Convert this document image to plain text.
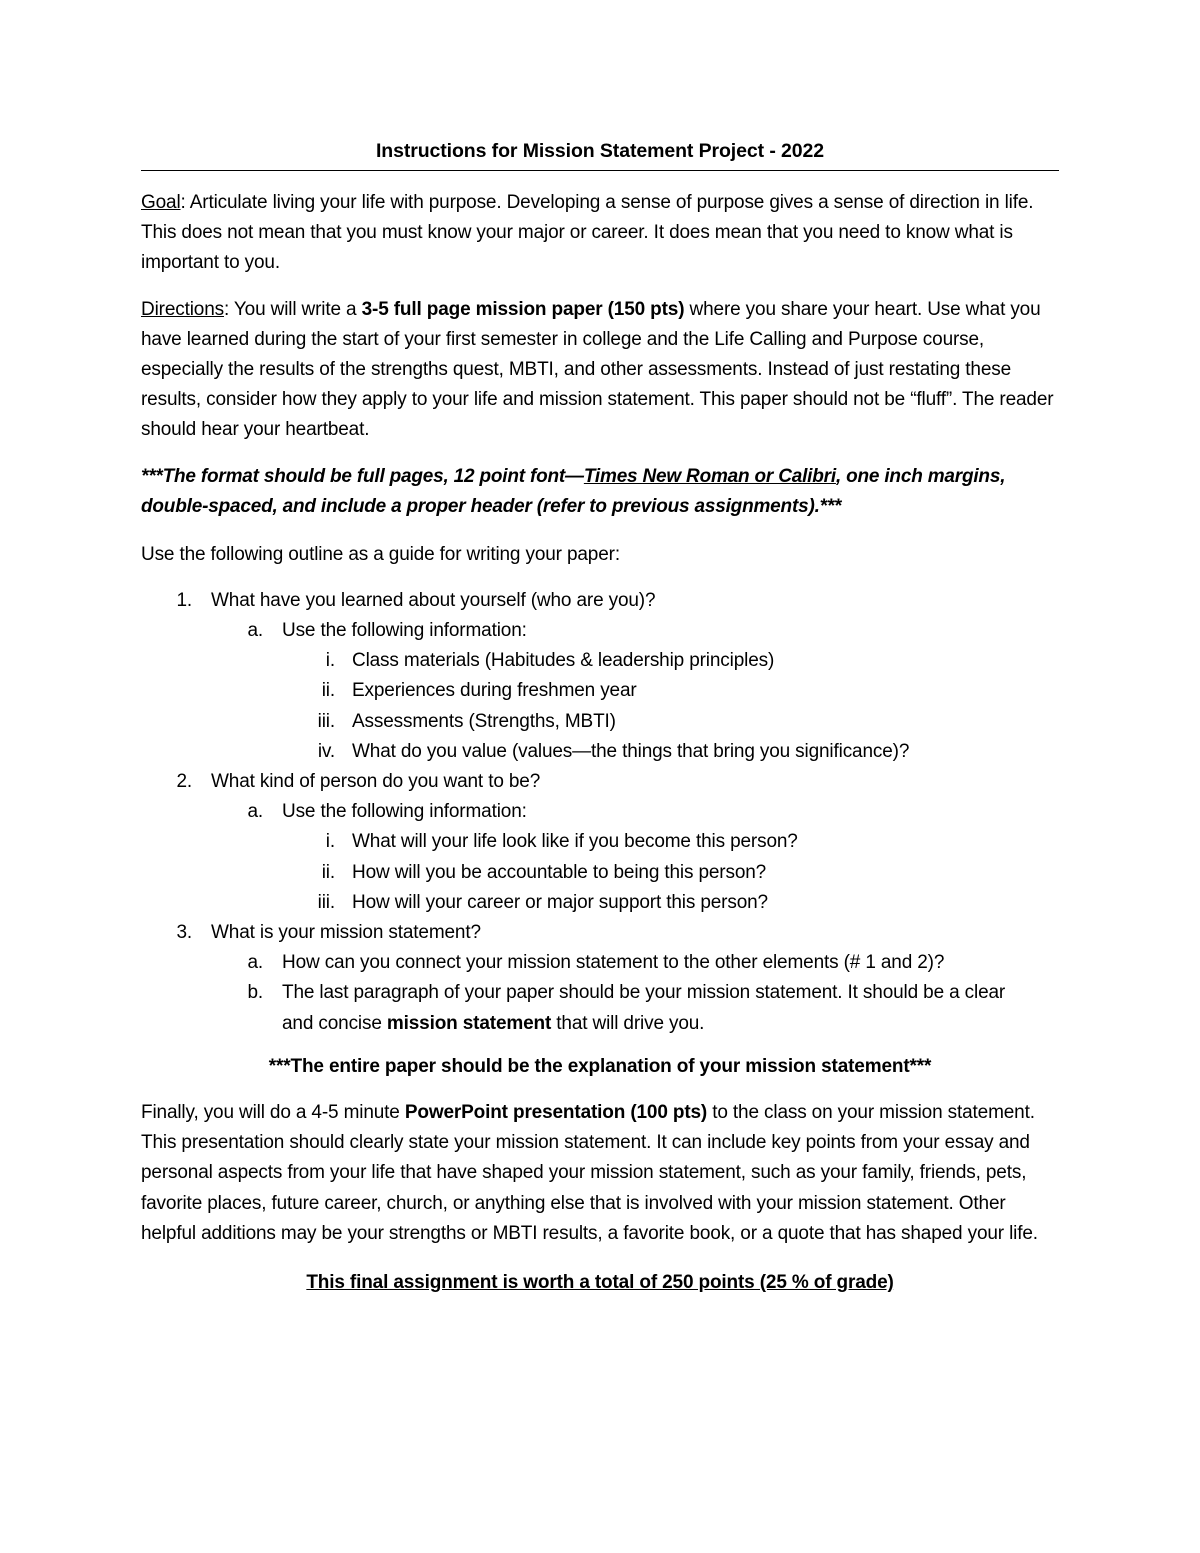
Instructions for Mission Statement Project - 2022

Goal: Articulate living your life with purpose. Developing a sense of purpose gives a sense of direction in life. This does not mean that you must know your major or career. It does mean that you need to know what is important to you.

Directions: You will write a 3-5 full page mission paper (150 pts) where you share your heart. Use what you have learned during the start of your first semester in college and the Life Calling and Purpose course, especially the results of the strengths quest, MBTI, and other assessments. Instead of just restating these results, consider how they apply to your life and mission statement. This paper should not be “fluff”. The reader should hear your heartbeat.

***The format should be full pages, 12 point font—Times New Roman or Calibri, one inch margins, double-spaced, and include a proper header (refer to previous assignments).***

Use the following outline as a guide for writing your paper:

1. What have you learned about yourself (who are you)?
a. Use the following information:
i. Class materials (Habitudes & leadership principles)
ii. Experiences during freshmen year
iii. Assessments (Strengths, MBTI)
iv. What do you value (values—the things that bring you significance)?
2. What kind of person do you want to be?
a. Use the following information:
i. What will your life look like if you become this person?
ii. How will you be accountable to being this person?
iii. How will your career or major support this person?
3. What is your mission statement?
a. How can you connect your mission statement to the other elements (# 1 and 2)?
b. The last paragraph of your paper should be your mission statement. It should be a clear
and concise mission statement that will drive you.

***The entire paper should be the explanation of your mission statement***

Finally, you will do a 4-5 minute PowerPoint presentation (100 pts) to the class on your mission statement. This presentation should clearly state your mission statement. It can include key points from your essay and personal aspects from your life that have shaped your mission statement, such as your family, friends, pets, favorite places, future career, church, or anything else that is involved with your mission statement. Other helpful additions may be your strengths or MBTI results, a favorite book, or a quote that has shaped your life.

This final assignment is worth a total of 250 points (25 % of grade)
